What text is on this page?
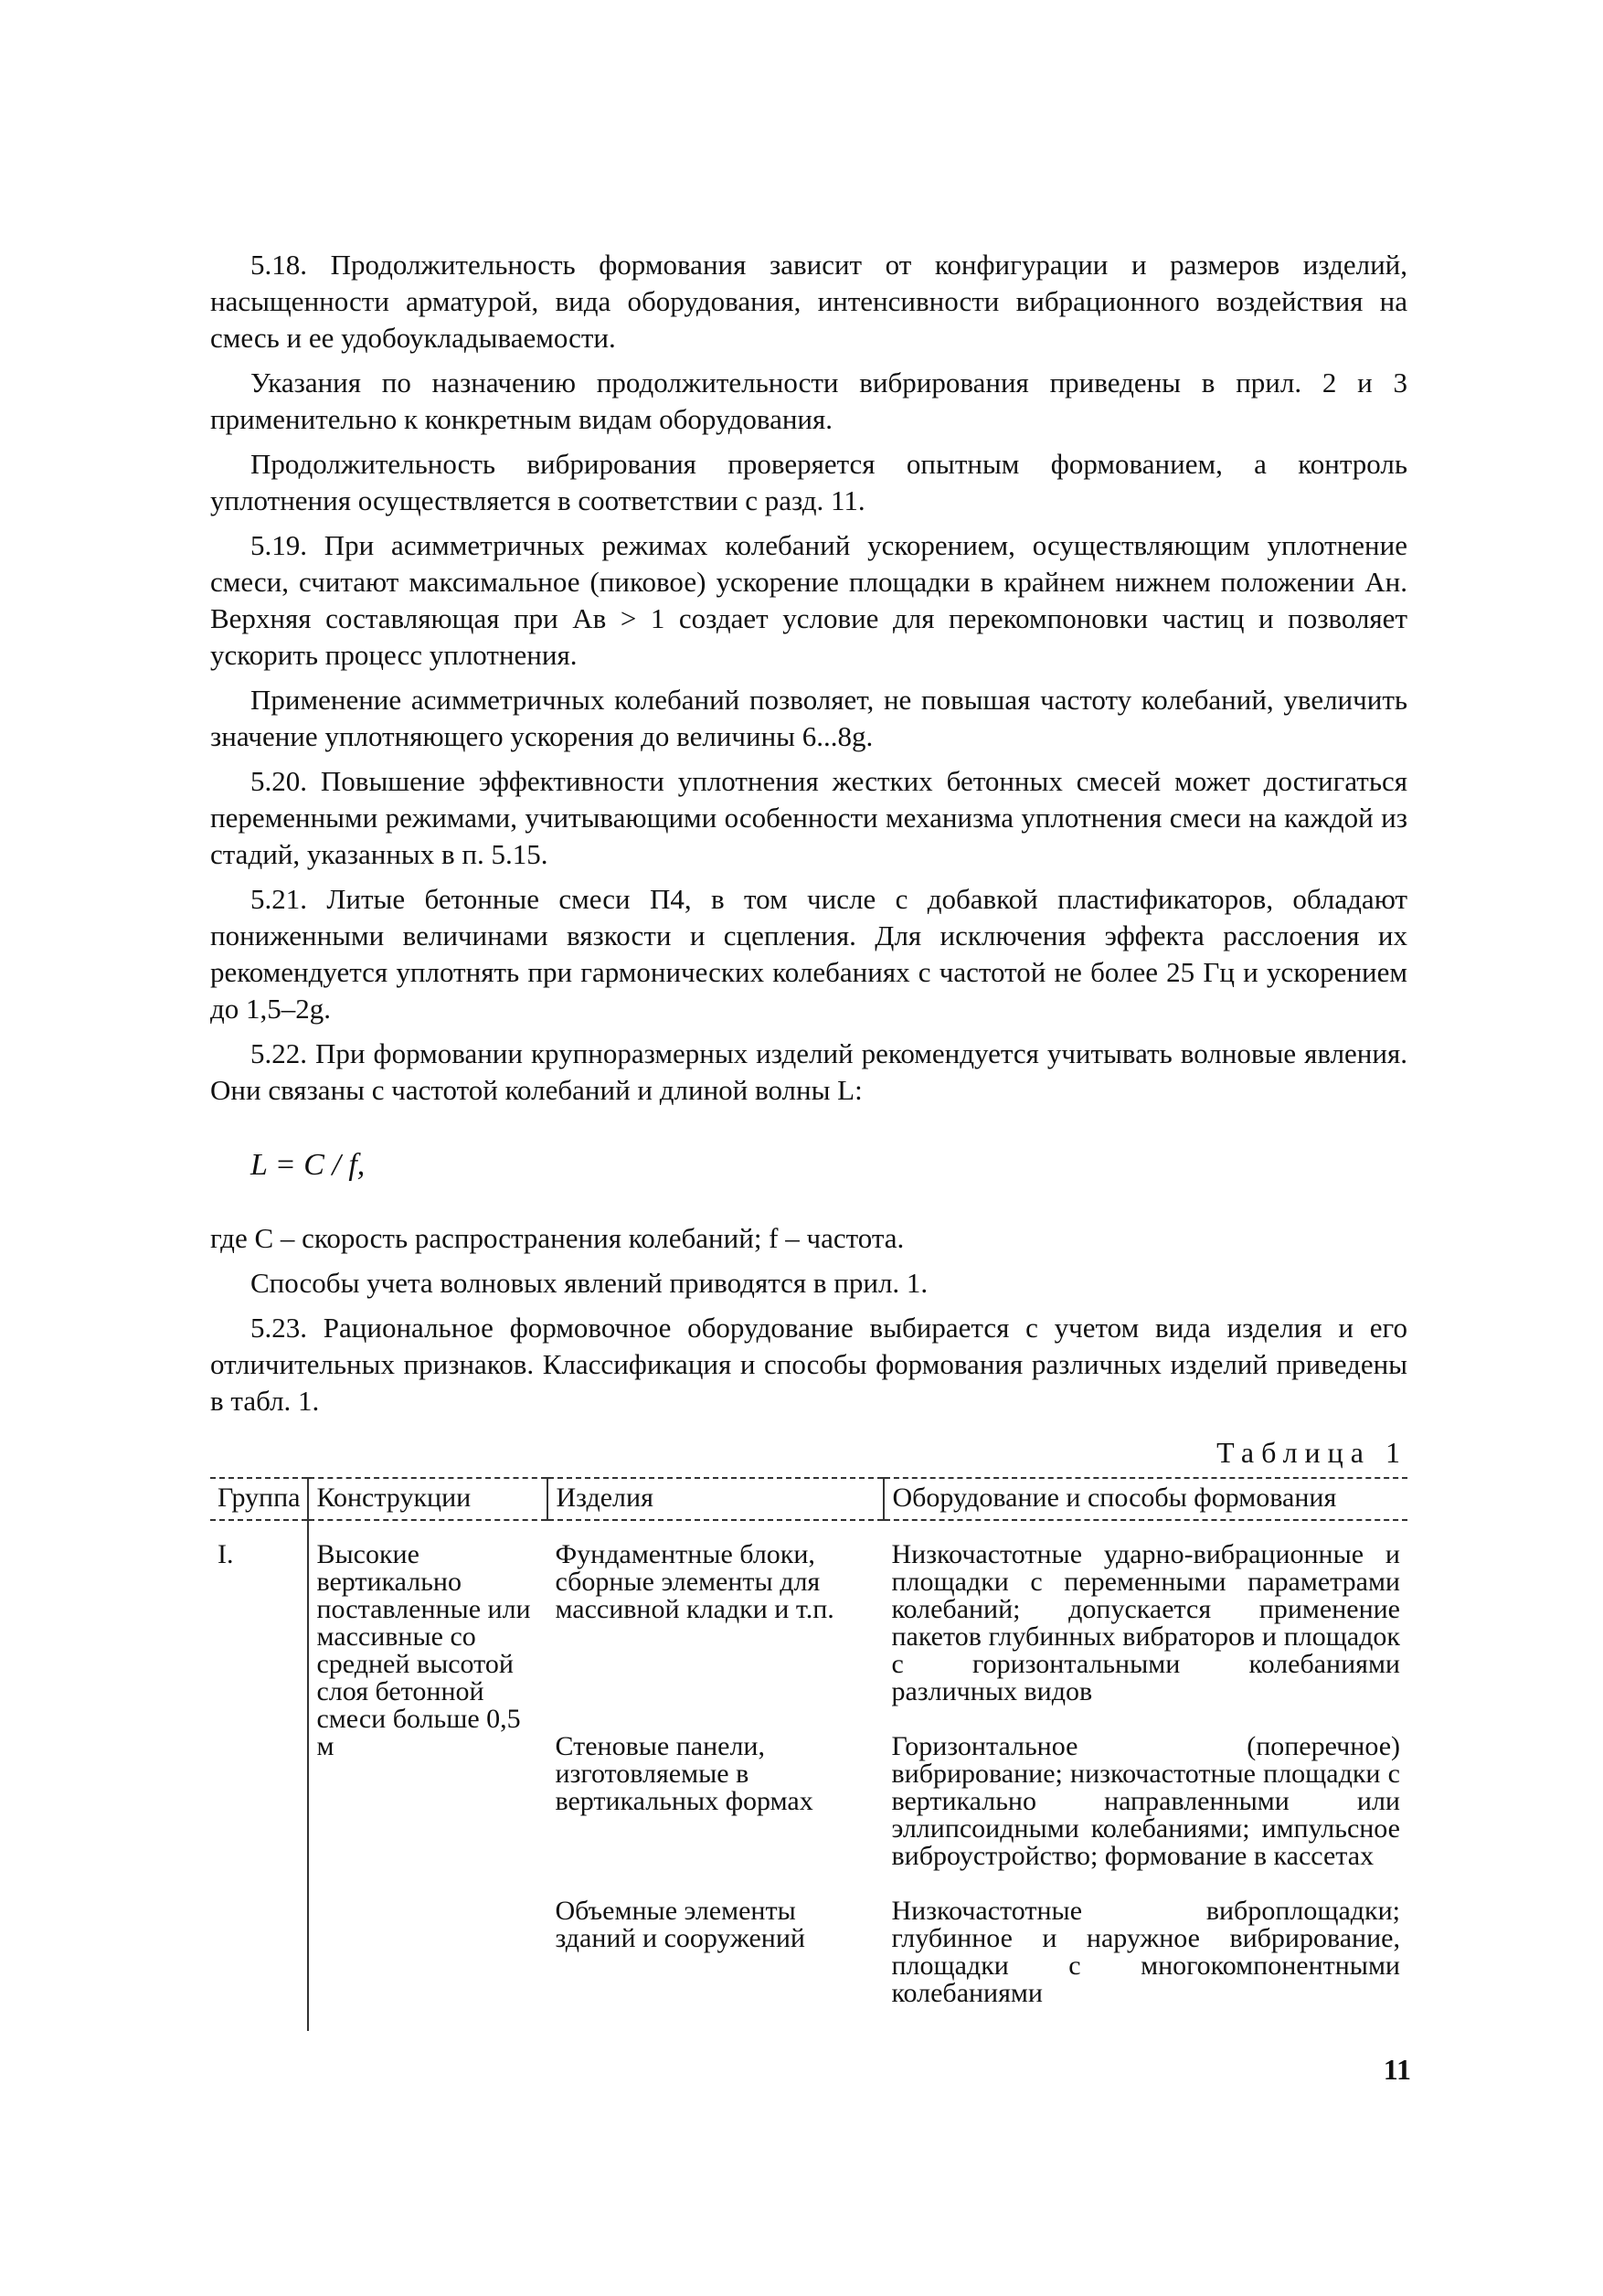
5.18. Продолжительность формования зависит от конфигурации и размеров изделий, насыщенности арматурой, вида оборудования, интенсивности вибрационного воздействия на смесь и ее удобоукладываемости.

Указания по назначению продолжительности вибрирования приведены в прил. 2 и 3 применительно к конкретным видам оборудования.

Продолжительность вибрирования проверяется опытным формованием, а контроль уплотнения осуществляется в соответствии с разд. 11.

5.19. При асимметричных режимах колебаний ускорением, осуществляющим уплотнение смеси, считают максимальное (пиковое) ускорение площадки в крайнем нижнем положении Ан. Верхняя составляющая при Ав > 1 создает условие для перекомпоновки частиц и позволяет ускорить процесс уплотнения.

Применение асимметричных колебаний позволяет, не повышая частоту колебаний, увеличить значение уплотняющего ускорения до величины 6...8g.

5.20. Повышение эффективности уплотнения жестких бетонных смесей может достигаться переменными режимами, учитывающими особенности механизма уплотнения смеси на каждой из стадий, указанных в п. 5.15.

5.21. Литые бетонные смеси П4, в том числе с добавкой пластификаторов, обладают пониженными величинами вязкости и сцепления. Для исключения эффекта расслоения их рекомендуется уплотнять при гармонических колебаниях с частотой не более 25 Гц и ускорением до 1,5–2g.

5.22. При формовании крупноразмерных изделий рекомендуется учитывать волновые явления. Они связаны с частотой колебаний и длиной волны L:

L = C / f,

где C – скорость распространения колебаний; f – частота.

Способы учета волновых явлений приводятся в прил. 1.

5.23. Рациональное формовочное оборудование выбирается с учетом вида изделия и его отличительных признаков. Классификация и способы формования различных изделий приведены в табл. 1.

Таблица 1
Группа	Конструкции	Изделия	Оборудование и способы формования
I.	Высокие вертикально поставленные или массивные со средней высотой слоя бетонной смеси больше 0,5 м	Фундаментные блоки, сборные элементы для массивной кладки и т.п.	Низкочастотные ударно-вибрационные и площадки с переменными параметрами колебаний; допускается применение пакетов глубинных вибраторов и площадок с горизонтальными колебаниями различных видов
		Стеновые панели, изготовляемые в вертикальных формах	Горизонтальное (поперечное) вибрирование; низкочастотные площадки с вертикально направленными или эллипсоидными колебаниями; импульсное виброустройство; формование в кассетах
		Объемные элементы зданий и сооружений	Низкочастотные виброплощадки; глубинное и наружное вибрирование, площадки с многокомпонентными колебаниями
11
